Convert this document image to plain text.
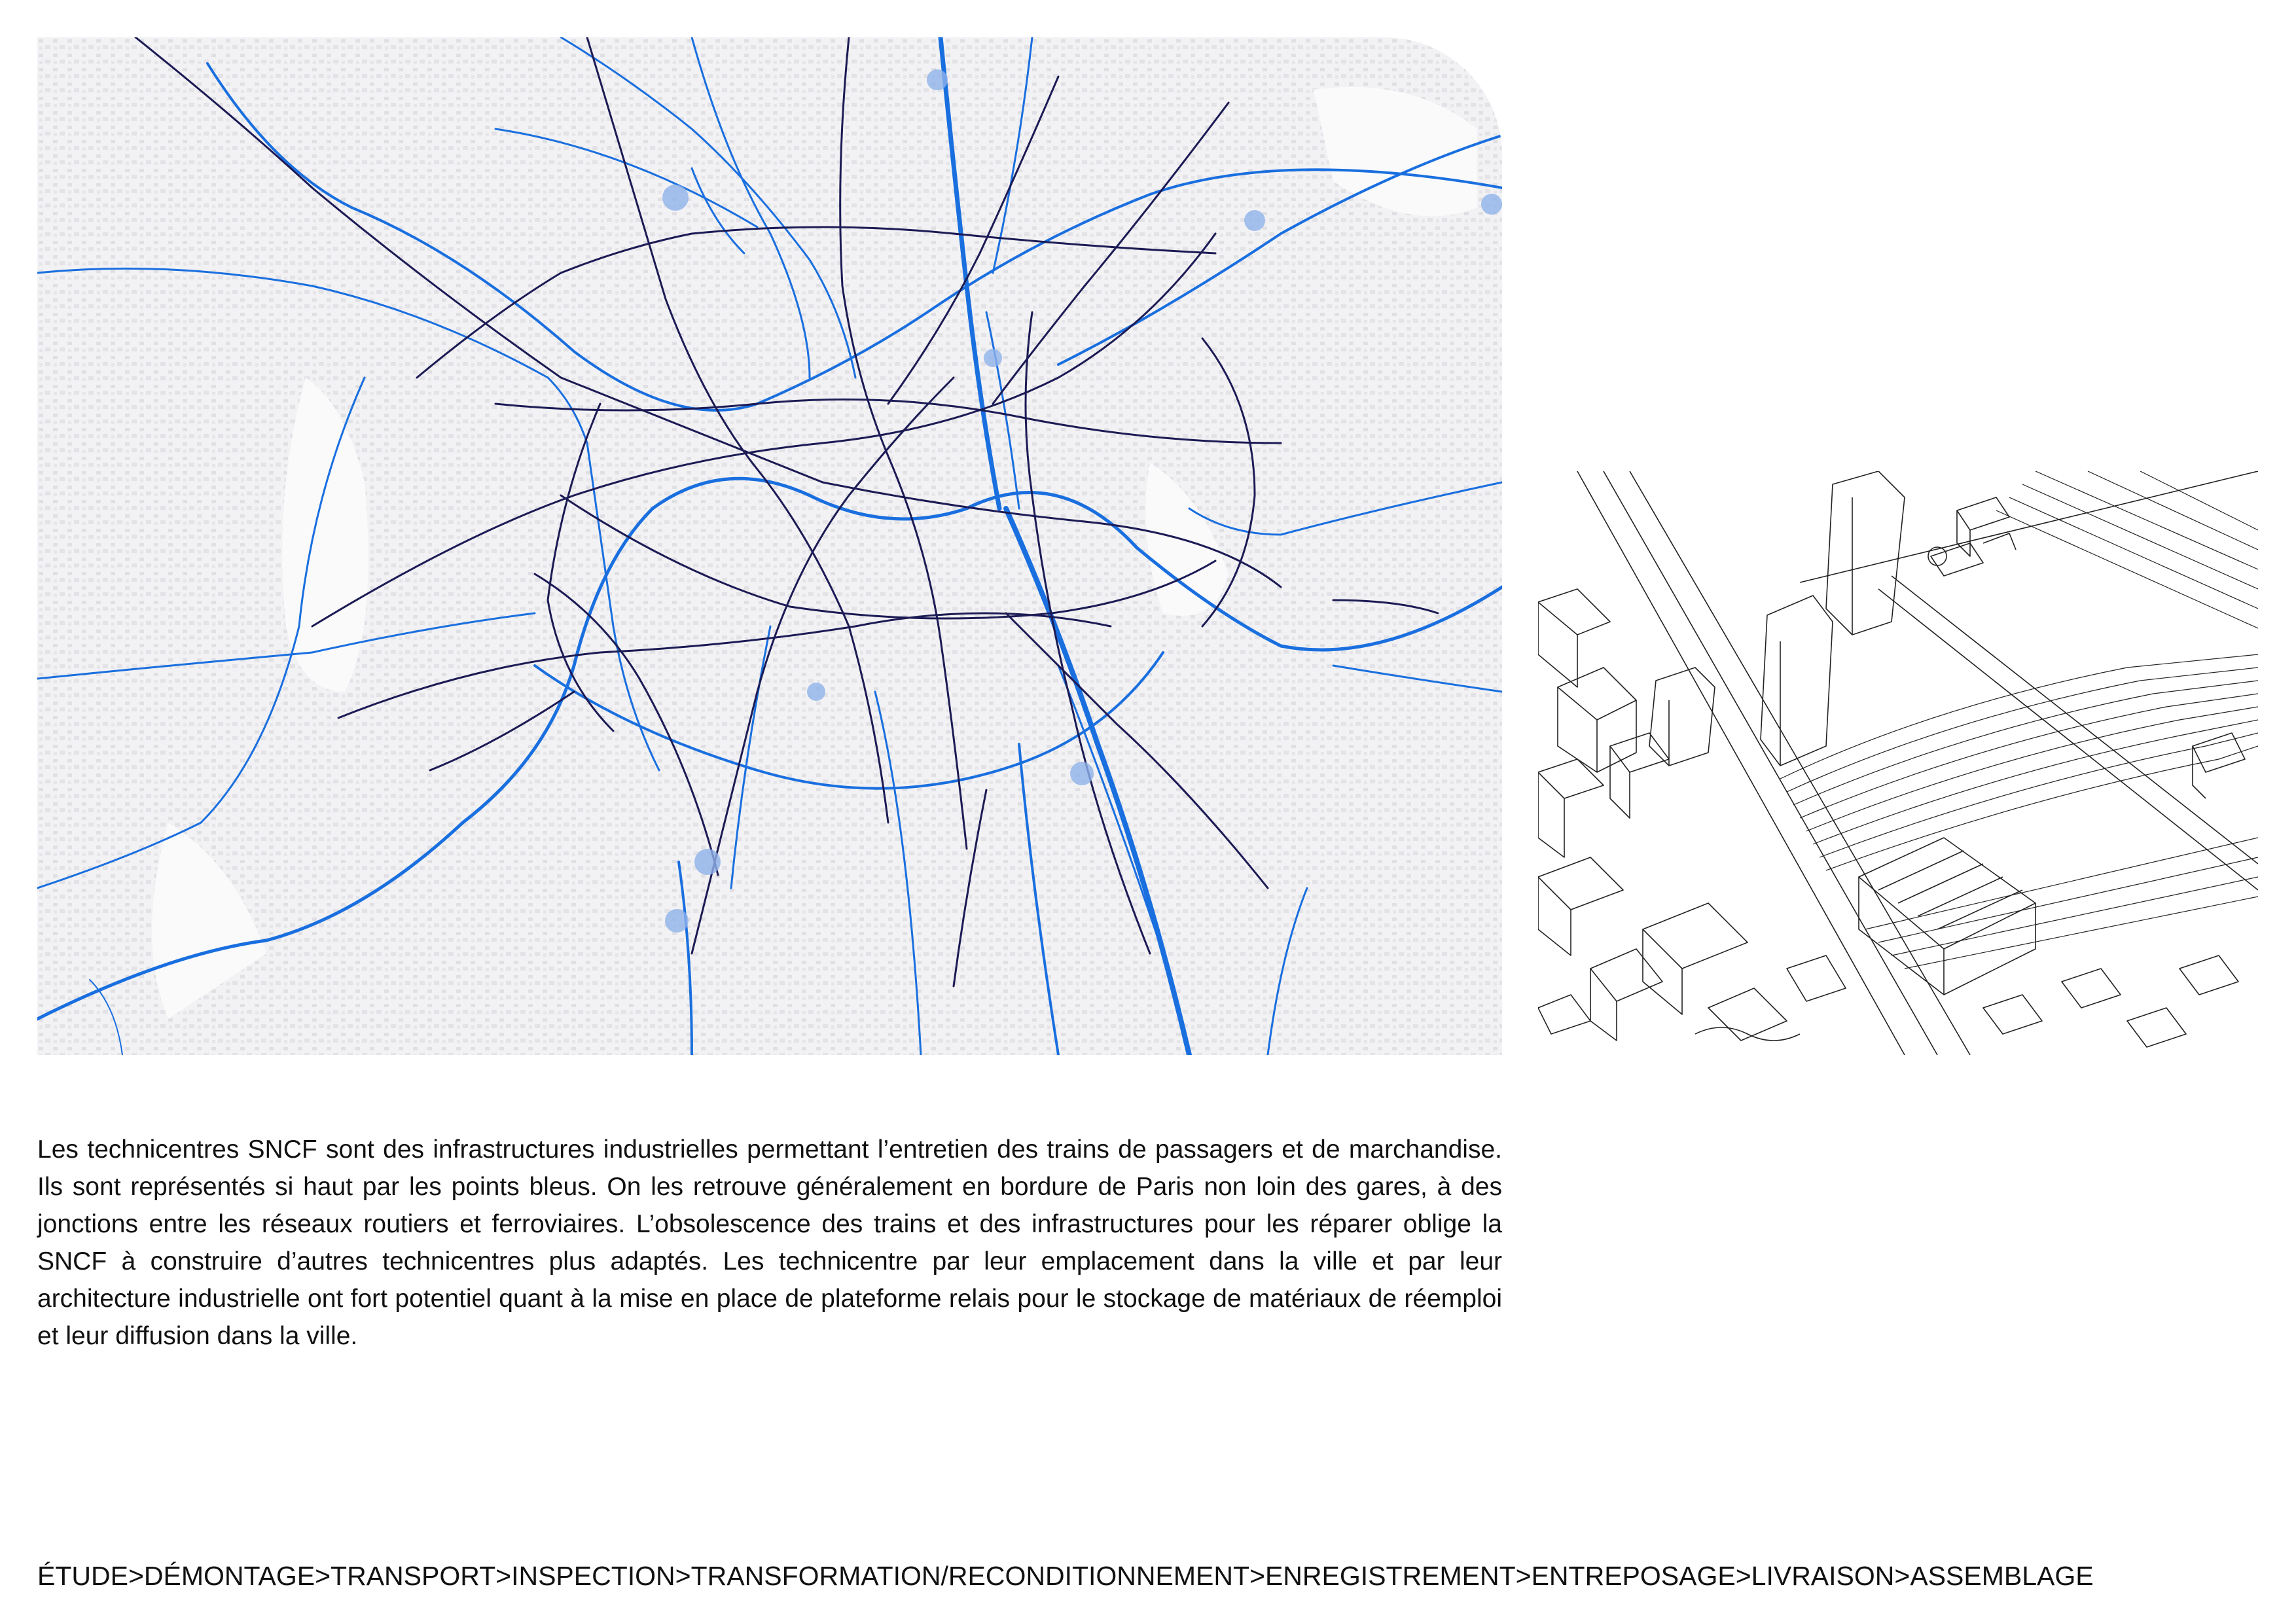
Les technicentres SNCF sont des infrastructures industrielles permettant l’entretien des trains de passagers et de marchandise. Ils sont représentés si haut par les points bleus. On les retrouve généralement en bordure de Paris non loin des gares, à des jonctions entre les réseaux routiers et ferroviaires. L’obsolescence des trains et des infrastructures pour les réparer oblige la SNCF à construire d’autres technicentres plus adaptés. Les technicentre par leur emplacement dans la ville et par leur architecture industrielle ont fort potentiel quant à la mise en place de plateforme relais pour le stockage de matériaux de réemploi et leur diffusion dans la ville.

ÉTUDE>DÉMONTAGE>TRANSPORT>INSPECTION>TRANSFORMATION/RECONDITIONNEMENT>ENREGISTREMENT>ENTREPOSAGE>LIVRAISON>ASSEMBLAGE
